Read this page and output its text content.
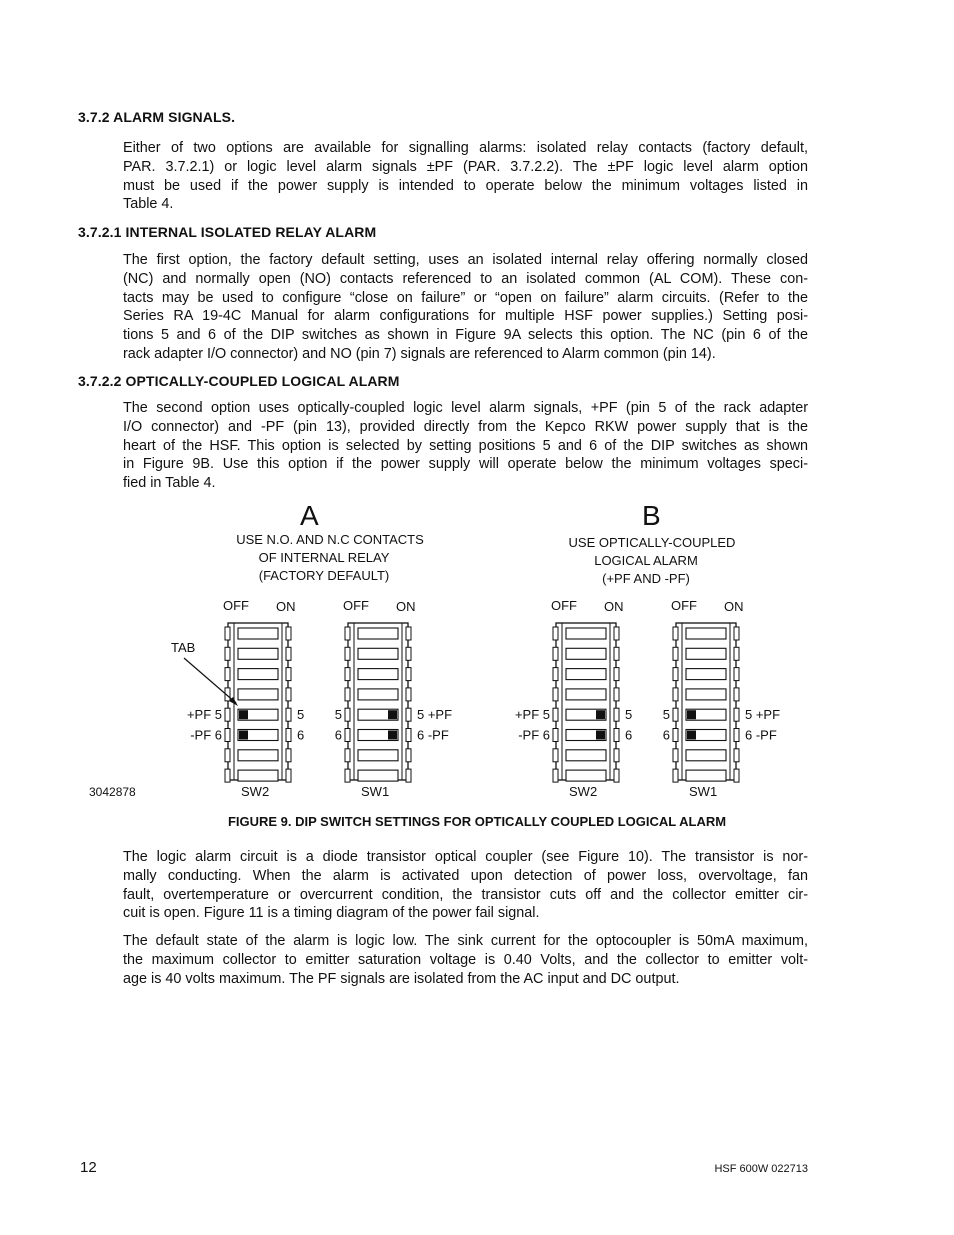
3.7.2 ALARM SIGNALS.

Either of two options are available for signalling alarms: isolated relay contacts (factory default,
PAR. 3.7.2.1) or logic level alarm signals ±PF (PAR. 3.7.2.2). The ±PF logic level alarm option
must be used if the power supply is intended to operate below the minimum voltages listed in
Table 4.

3.7.2.1 INTERNAL ISOLATED RELAY ALARM

The first option, the factory default setting, uses an isolated internal relay offering normally closed
(NC) and normally open (NO) contacts referenced to an isolated common (AL COM). These con-
tacts may be used to configure “close on failure” or “open on failure” alarm circuits. (Refer to the
Series RA 19-4C Manual for alarm configurations for multiple HSF power supplies.) Setting posi-
tions 5 and 6 of the DIP switches as shown in Figure 9A selects this option. The NC (pin 6 of the
rack adapter I/O connector) and NO (pin 7) signals are referenced to Alarm common (pin 14).

3.7.2.2 OPTICALLY-COUPLED LOGICAL ALARM

The second option uses optically-coupled logic level alarm signals, +PF (pin 5 of the rack adapter
I/O connector) and -PF (pin 13), provided directly from the Kepco RKW power supply that is the
heart of the HSF. This option is selected by setting positions 5 and 6 of the DIP switches as shown
in Figure 9B. Use this option if the power supply will operate below the minimum voltages speci-
fied in Table 4.

A	B
USE N.O. AND N.C CONTACTS
OF INTERNAL RELAY
(FACTORY DEFAULT)
USE OPTICALLY-COUPLED
LOGICAL ALARM
(+PF AND -PF)
OFF ON
SW2
+PF 5
-PF 6
5
6
OFF ON
SW1
5
6
5 +PF
6 -PF
OFF ON
SW2
+PF 5
-PF 6
5
6
OFF ON
SW1
5
6
5 +PF
6 -PF
TAB
3042878
FIGURE 9. DIP SWITCH SETTINGS FOR OPTICALLY COUPLED LOGICAL ALARM

The logic alarm circuit is a diode transistor optical coupler (see Figure 10). The transistor is nor-
mally conducting. When the alarm is activated upon detection of power loss, overvoltage, fan
fault, overtemperature or overcurrent condition, the transistor cuts off and the collector emitter cir-
cuit is open. Figure 11 is a timing diagram of the power fail signal.

The default state of the alarm is logic low. The sink current for the optocoupler is 50mA maximum,
the maximum collector to emitter saturation voltage is 0.40 Volts, and the collector to emitter volt-
age is 40 volts maximum. The PF signals are isolated from the AC input and DC output.

12	HSF 600W 022713
